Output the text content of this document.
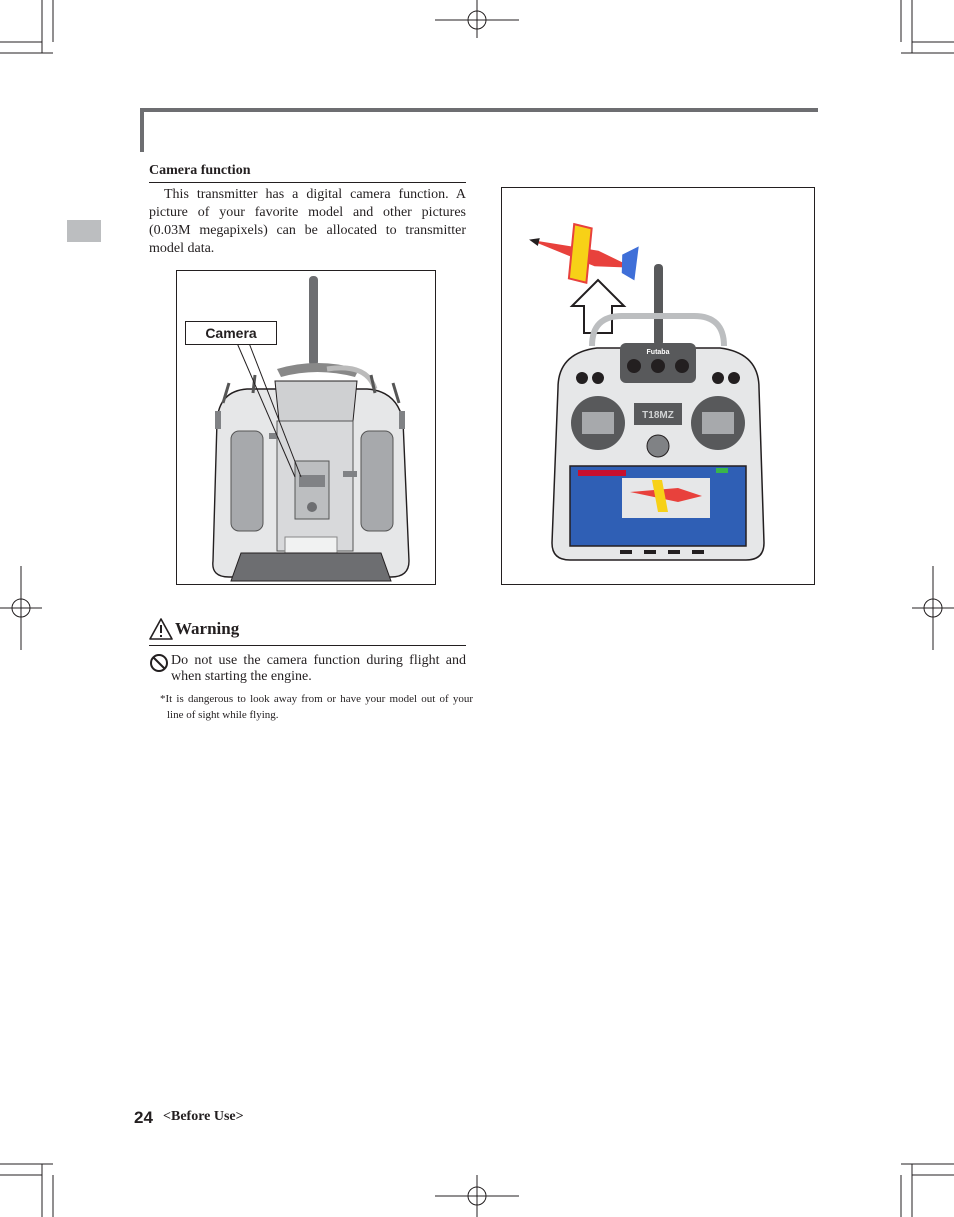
Camera function

This transmitter has a digital camera function. A picture of your favorite model and other pictures (0.03M megapixels) can be allocated to transmitter model data.

Camera
Futaba
T18MZ
Warning

Do not use the camera function during flight and when starting the engine.

*It is dangerous to look away from or have your model out of your line of sight while flying.

24 <Before Use>
